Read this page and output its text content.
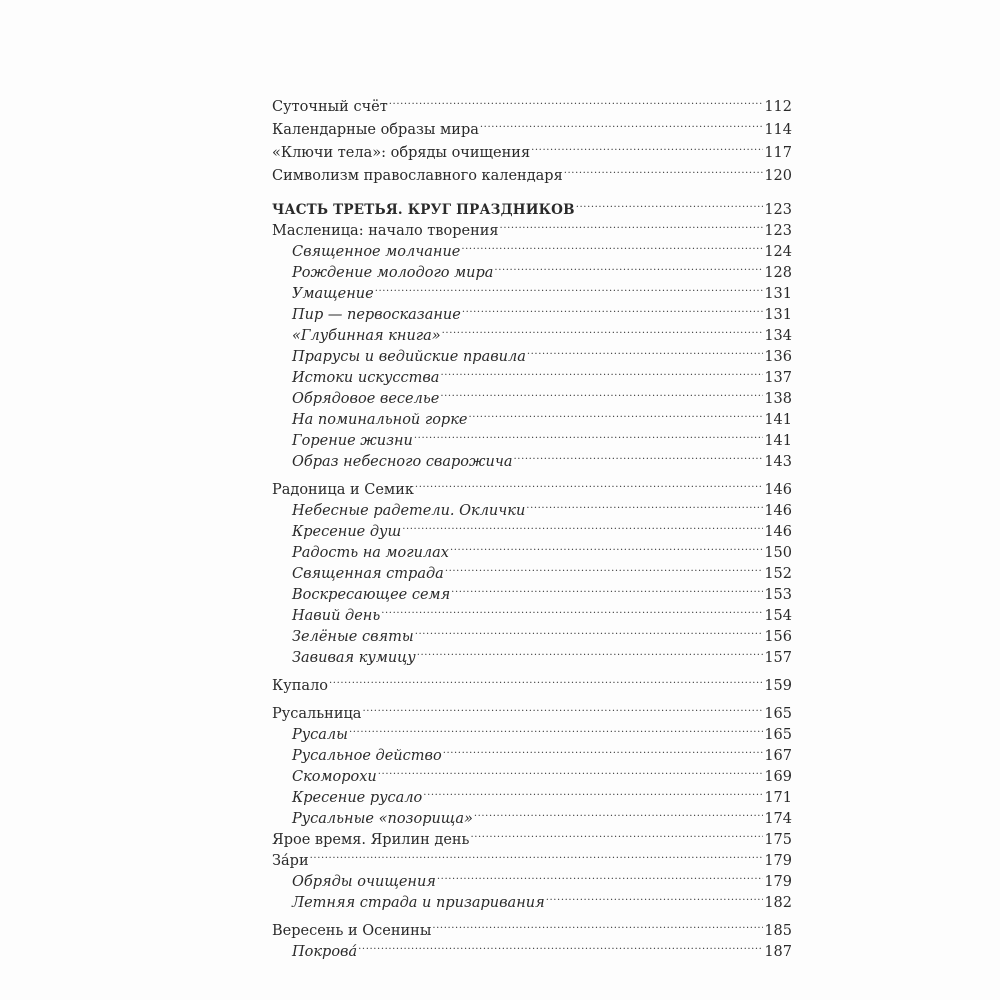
Суточный счёт .....	112
Календарные образы мира .....	114
«Ключи тела»: обряды очищения .....	117
Символизм православного календаря .....	120
ЧАСТЬ ТРЕТЬЯ. КРУГ ПРАЗДНИКОВ .....	123
Масленица: начало творения .....	123
Священное молчание .....	124
Рождение молодого мира .....	128
Умащение .....	131
Пир — первосказание .....	131
«Глубинная книга» .....	134
Прарусы и ведийские правила .....	136
Истоки искусства .....	137
Обрядовое веселье .....	138
На поминальной горке .....	141
Горение жизни .....	141
Образ небесного сварожича .....	143
Радоница и Семик .....	146
Небесные радетели. Оклички .....	146
Кресение душ .....	146
Радость на могилах .....	150
Священная страда .....	152
Воскресающее семя .....	153
Навий день .....	154
Зелёные святы .....	156
Завивая кумицу .....	157
Купало .....	159
Русальница .....	165
Русалы .....	165
Русальное действо .....	167
Скоморохи .....	169
Кресение русало .....	171
Русальные «позорища» .....	174
Ярое время. Ярилин день .....	175
За́ри .....	179
Обряды очищения .....	179
Летняя страда и призаривания .....	182
Вересень и Осенины .....	185
Покрова́ .....	187
